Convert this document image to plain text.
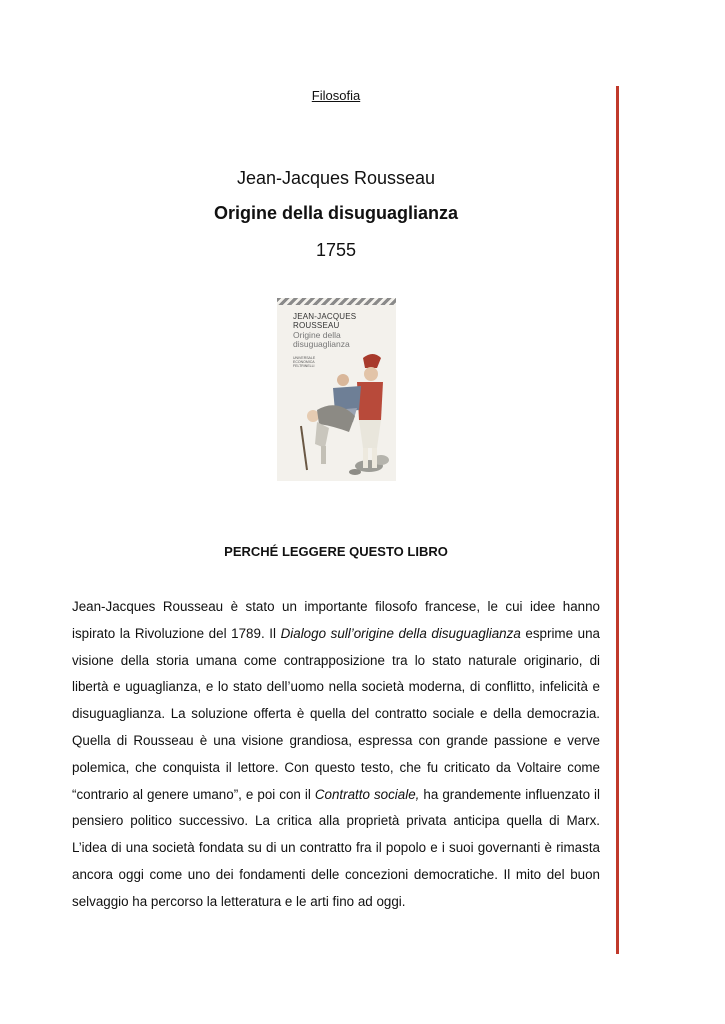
Filosofia
Jean-Jacques Rousseau
Origine della disuguaglianza
1755
JEAN-JACQUES
ROUSSEAU
Origine della
disuguaglianza
UNIVERSALE
ECONOMICA
FELTRINELLI
PERCHÉ LEGGERE QUESTO LIBRO

Jean-Jacques Rousseau è stato un importante filosofo francese, le cui idee hanno ispirato la Rivoluzione del 1789. Il Dialogo sull’origine della disuguaglianza esprime una visione della storia umana come contrapposizione tra lo stato naturale originario, di libertà e uguaglianza, e lo stato dell’uomo nella società moderna, di conflitto, infelicità e disuguaglianza. La soluzione offerta è quella del contratto sociale e della democrazia. Quella di Rousseau è una visione grandiosa, espressa con grande passione e verve polemica, che conquista il lettore. Con questo testo, che fu criticato da Voltaire come “contrario al genere umano”, e poi con il Contratto sociale, ha grandemente influenzato il pensiero politico successivo. La critica alla proprietà privata anticipa quella di Marx. L’idea di una società fondata su di un contratto fra il popolo e i suoi governanti è rimasta ancora oggi come uno dei fondamenti delle concezioni democratiche. Il mito del buon selvaggio ha percorso la letteratura e le arti fino ad oggi.
